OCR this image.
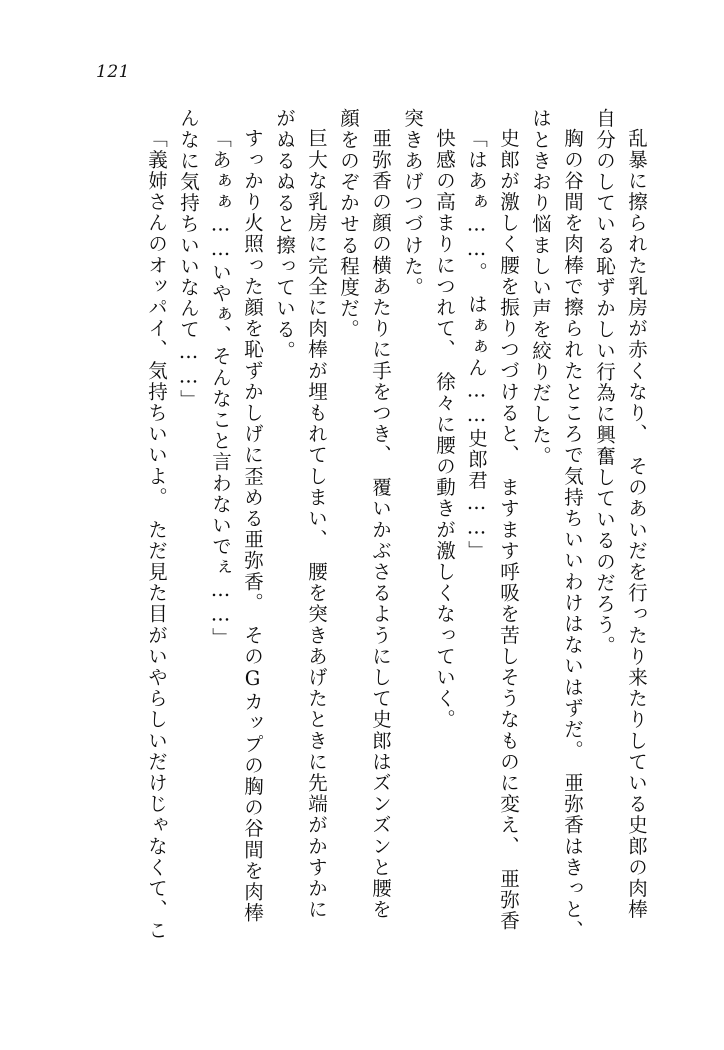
121
「義姉さんのオッパイ、気持ちいいよ。　ただ見た目がいやらしいだけじゃなくて、こ んなに気持ちいいなんて……」 「あぁぁ……いやぁ、そんなこと言わないでぇ……」 すっかり火照った顔を恥ずかしげに歪める亜弥香。　そのGカップの胸の谷間を肉棒 がぬるぬると擦っている。 巨大な乳房に完全に肉棒が埋もれてしまい、　腰を突きあげたときに先端がかすかに 顔をのぞかせる程度だ。 亜弥香の顔の横あたりに手をつき、　覆いかぶさるようにして史郎はズンズンと腰を 突きあげつづけた。 快感の高まりにつれて、　徐々に腰の動きが激しくなっていく。 「はあぁ……。　はぁぁん……史郎君……」 史郎が激しく腰を振りつづけると、　ますます呼吸を苦しそうなものに変え、　亜弥香 はときおり悩ましい声を絞りだした。 胸の谷間を肉棒で擦られたところで気持ちいいわけはないはずだ。　亜弥香はきっと、 自分のしている恥ずかしい行為に興奮しているのだろう。 乱暴に擦られた乳房が赤くなり、　そのあいだを行ったり来たりしている史郎の肉棒
